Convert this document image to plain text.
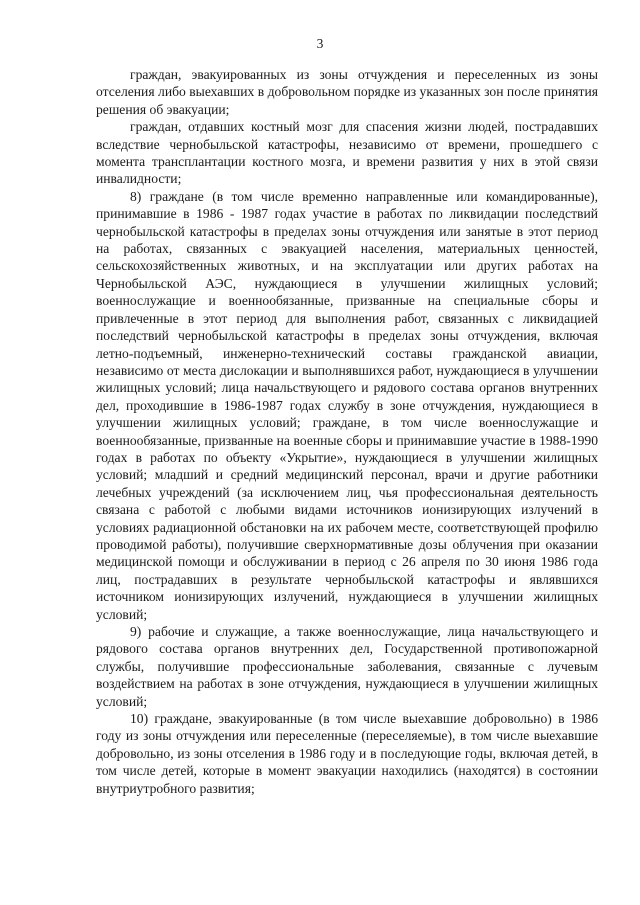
3

граждан, эвакуированных из зоны отчуждения и переселенных из зоны отселения либо выехавших в добровольном порядке из указанных зон после принятия решения об эвакуации;

граждан, отдавших костный мозг для спасения жизни людей, пострадавших вследствие чернобыльской катастрофы, независимо от времени, прошедшего с момента трансплантации костного мозга, и времени развития у них в этой связи инвалидности;

8) граждане (в том числе временно направленные или командированные), принимавшие в 1986 - 1987 годах участие в работах по ликвидации последствий чернобыльской катастрофы в пределах зоны отчуждения или занятые в этот период на работах, связанных с эвакуацией населения, материальных ценностей, сельскохозяйственных животных, и на эксплуатации или других работах на Чернобыльской АЭС, нуждающиеся в улучшении жилищных условий; военнослужащие и военнообязанные, призванные на специальные сборы и привлеченные в этот период для выполнения работ, связанных с ликвидацией последствий чернобыльской катастрофы в пределах зоны отчуждения, включая летно-подъемный, инженерно-технический составы гражданской авиации, независимо от места дислокации и выполнявшихся работ, нуждающиеся в улучшении жилищных условий; лица начальствующего и рядового состава органов внутренних дел, проходившие в 1986-1987 годах службу в зоне отчуждения, нуждающиеся в улучшении жилищных условий; граждане, в том числе военнослужащие и военнообязанные, призванные на военные сборы и принимавшие участие в 1988-1990 годах в работах по объекту «Укрытие», нуждающиеся в улучшении жилищных условий; младший и средний медицинский персонал, врачи и другие работники лечебных учреждений (за исключением лиц, чья профессиональная деятельность связана с работой с любыми видами источников ионизирующих излучений в условиях радиационной обстановки на их рабочем месте, соответствующей профилю проводимой работы), получившие сверхнормативные дозы облучения при оказании медицинской помощи и обслуживании в период с 26 апреля по 30 июня 1986 года лиц, пострадавших в результате чернобыльской катастрофы и являвшихся источником ионизирующих излучений, нуждающиеся в улучшении жилищных условий;

9) рабочие и служащие, а также военнослужащие, лица начальствующего и рядового состава органов внутренних дел, Государственной противопожарной службы, получившие профессиональные заболевания, связанные с лучевым воздействием на работах в зоне отчуждения, нуждающиеся в улучшении жилищных условий;

10) граждане, эвакуированные (в том числе выехавшие добровольно) в 1986 году из зоны отчуждения или переселенные (переселяемые), в том числе выехавшие добровольно, из зоны отселения в 1986 году и в последующие годы, включая детей, в том числе детей, которые в момент эвакуации находились (находятся) в состоянии внутриутробного развития;
